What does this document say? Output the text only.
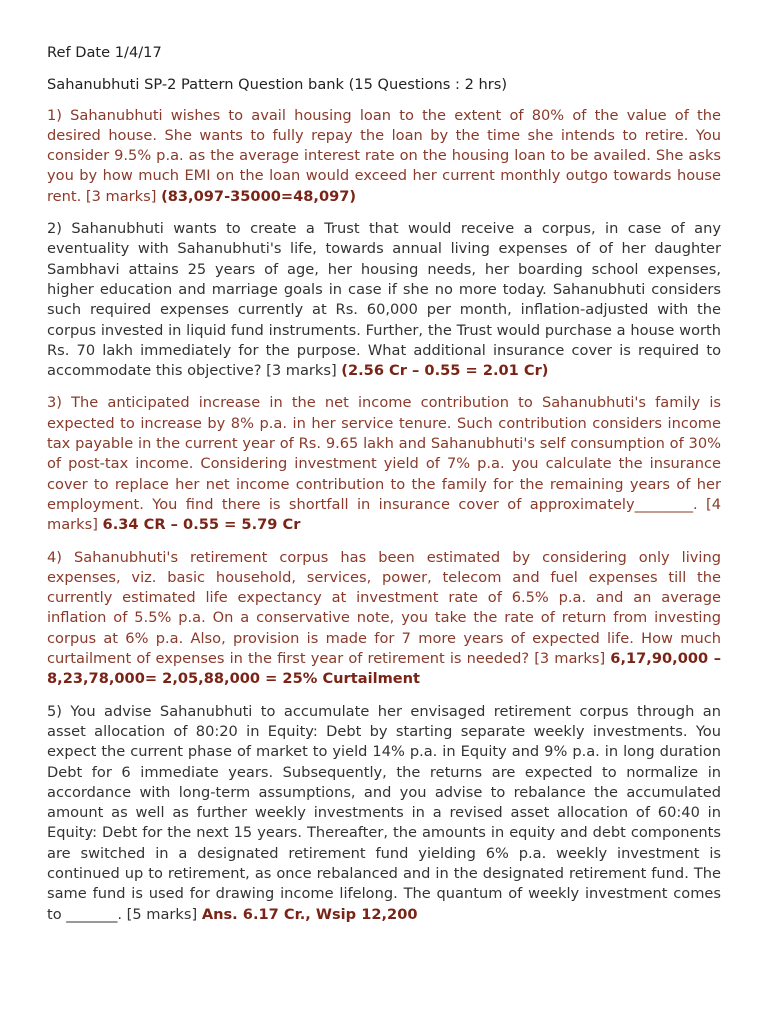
Ref Date 1/4/17

Sahanubhuti SP-2 Pattern Question bank (15 Questions : 2 hrs)

1) Sahanubhuti wishes to avail housing loan to the extent of 80% of the value of the desired house. She wants to fully repay the loan by the time she intends to retire. You consider 9.5% p.a. as the average interest rate on the housing loan to be availed. She asks you by how much EMI on the loan would exceed her current monthly outgo towards house rent. [3 marks] (83,097-35000=48,097)

2) Sahanubhuti wants to create a Trust that would receive a corpus, in case of any eventuality with Sahanubhuti's life, towards annual living expenses of of her daughter Sambhavi attains 25 years of age, her housing needs, her boarding school expenses, higher education and marriage goals in case if she no more today. Sahanubhuti considers such required expenses currently at Rs. 60,000 per month, inflation-adjusted with the corpus invested in liquid fund instruments. Further, the Trust would purchase a house worth Rs. 70 lakh immediately for the purpose. What additional insurance cover is required to accommodate this objective? [3 marks] (2.56 Cr – 0.55 = 2.01 Cr)

3) The anticipated increase in the net income contribution to Sahanubhuti's family is expected to increase by 8% p.a. in her service tenure. Such contribution considers income tax payable in the current year of Rs. 9.65 lakh and Sahanubhuti's self consumption of 30% of post-tax income. Considering investment yield of 7% p.a. you calculate the insurance cover to replace her net income contribution to the family for the remaining years of her employment. You find there is shortfall in insurance cover of approximately________. [4 marks] 6.34 CR – 0.55 = 5.79 Cr

4) Sahanubhuti's retirement corpus has been estimated by considering only living expenses, viz. basic household, services, power, telecom and fuel expenses till the currently estimated life expectancy at investment rate of 6.5% p.a. and an average inflation of 5.5% p.a. On a conservative note, you take the rate of return from investing corpus at 6% p.a. Also, provision is made for 7 more years of expected life. How much curtailment of expenses in the first year of retirement is needed? [3 marks] 6,17,90,000 – 8,23,78,000= 2,05,88,000 = 25% Curtailment

5) You advise Sahanubhuti to accumulate her envisaged retirement corpus through an asset allocation of 80:20 in Equity: Debt by starting separate weekly investments. You expect the current phase of market to yield 14% p.a. in Equity and 9% p.a. in long duration Debt for 6 immediate years. Subsequently, the returns are expected to normalize in accordance with long-term assumptions, and you advise to rebalance the accumulated amount as well as further weekly investments in a revised asset allocation of 60:40 in Equity: Debt for the next 15 years. Thereafter, the amounts in equity and debt components are switched in a designated retirement fund yielding 6% p.a. weekly investment is continued up to retirement, as once rebalanced and in the designated retirement fund. The same fund is used for drawing income lifelong. The quantum of weekly investment comes to _______. [5 marks] Ans. 6.17 Cr., Wsip 12,200
